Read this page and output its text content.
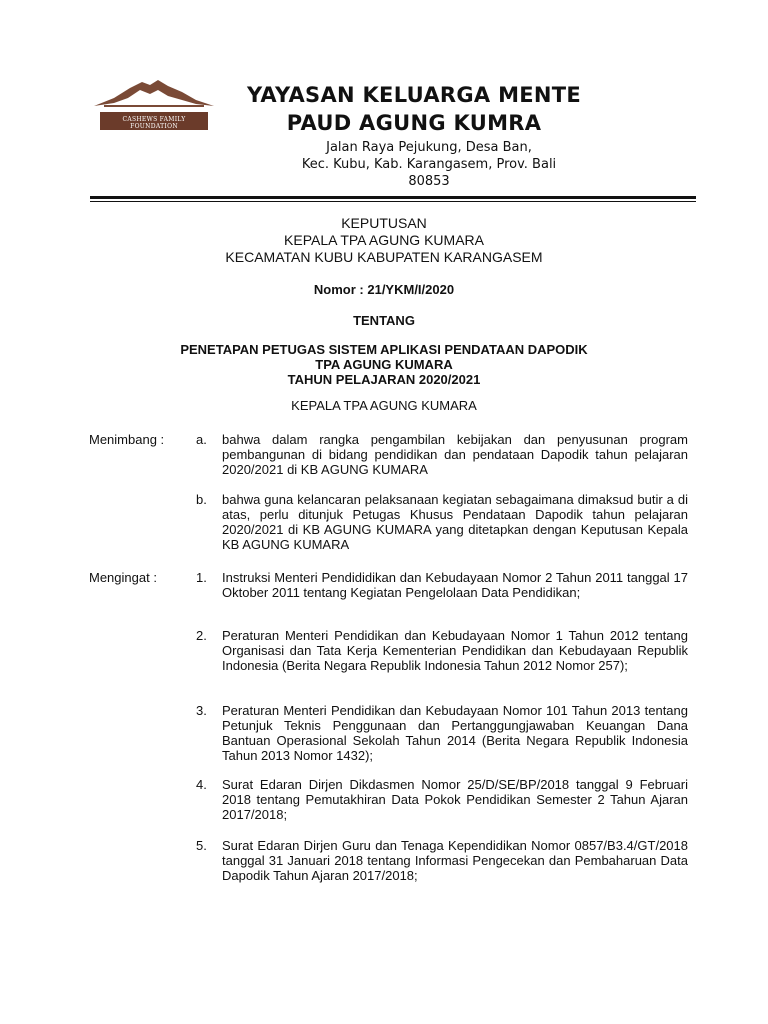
CASHEWS FAMILY FOUNDATION
YAYASAN KELUARGA MENTE
PAUD AGUNG KUMRA
Jalan Raya Pejukung, Desa Ban,
Kec. Kubu, Kab. Karangasem, Prov. Bali
80853
KEPUTUSAN
KEPALA TPA AGUNG KUMARA
KECAMATAN KUBU KABUPATEN KARANGASEM
Nomor : 21/YKM/I/2020
TENTANG
PENETAPAN PETUGAS SISTEM APLIKASI PENDATAAN DAPODIK
TPA AGUNG KUMARA
TAHUN PELAJARAN 2020/2021
KEPALA TPA AGUNG KUMARA
Menimbang : a. bahwa dalam rangka pengambilan kebijakan dan penyusunan program pembangunan di bidang pendidikan dan pendataan Dapodik tahun pelajaran 2020/2021 di KB AGUNG KUMARA
b. bahwa guna kelancaran pelaksanaan kegiatan sebagaimana dimaksud butir a di atas, perlu ditunjuk Petugas Khusus Pendataan Dapodik tahun pelajaran 2020/2021 di KB AGUNG KUMARA yang ditetapkan dengan Keputusan Kepala KB AGUNG KUMARA
Mengingat :	1. Instruksi Menteri Pendididikan dan Kebudayaan Nomor 2 Tahun 2011 tanggal 17 Oktober 2011 tentang Kegiatan Pengelolaan Data Pendidikan;
2. Peraturan Menteri Pendidikan dan Kebudayaan Nomor 1 Tahun 2012 tentang Organisasi dan Tata Kerja Kementerian Pendidikan dan Kebudayaan Republik Indonesia (Berita Negara Republik Indonesia Tahun 2012 Nomor 257);
3. Peraturan Menteri Pendidikan dan Kebudayaan Nomor 101 Tahun 2013 tentang Petunjuk Teknis Penggunaan dan Pertanggungjawaban Keuangan Dana Bantuan Operasional Sekolah Tahun 2014 (Berita Negara Republik Indonesia Tahun 2013 Nomor 1432);
4. Surat Edaran Dirjen Dikdasmen Nomor 25/D/SE/BP/2018 tanggal 9 Februari 2018 tentang Pemutakhiran Data Pokok Pendidikan Semester 2 Tahun Ajaran 2017/2018;
5. Surat Edaran Dirjen Guru dan Tenaga Kependidikan Nomor 0857/B3.4/GT/2018 tanggal 31 Januari 2018 tentang Informasi Pengecekan dan Pembaharuan Data Dapodik Tahun Ajaran 2017/2018;
